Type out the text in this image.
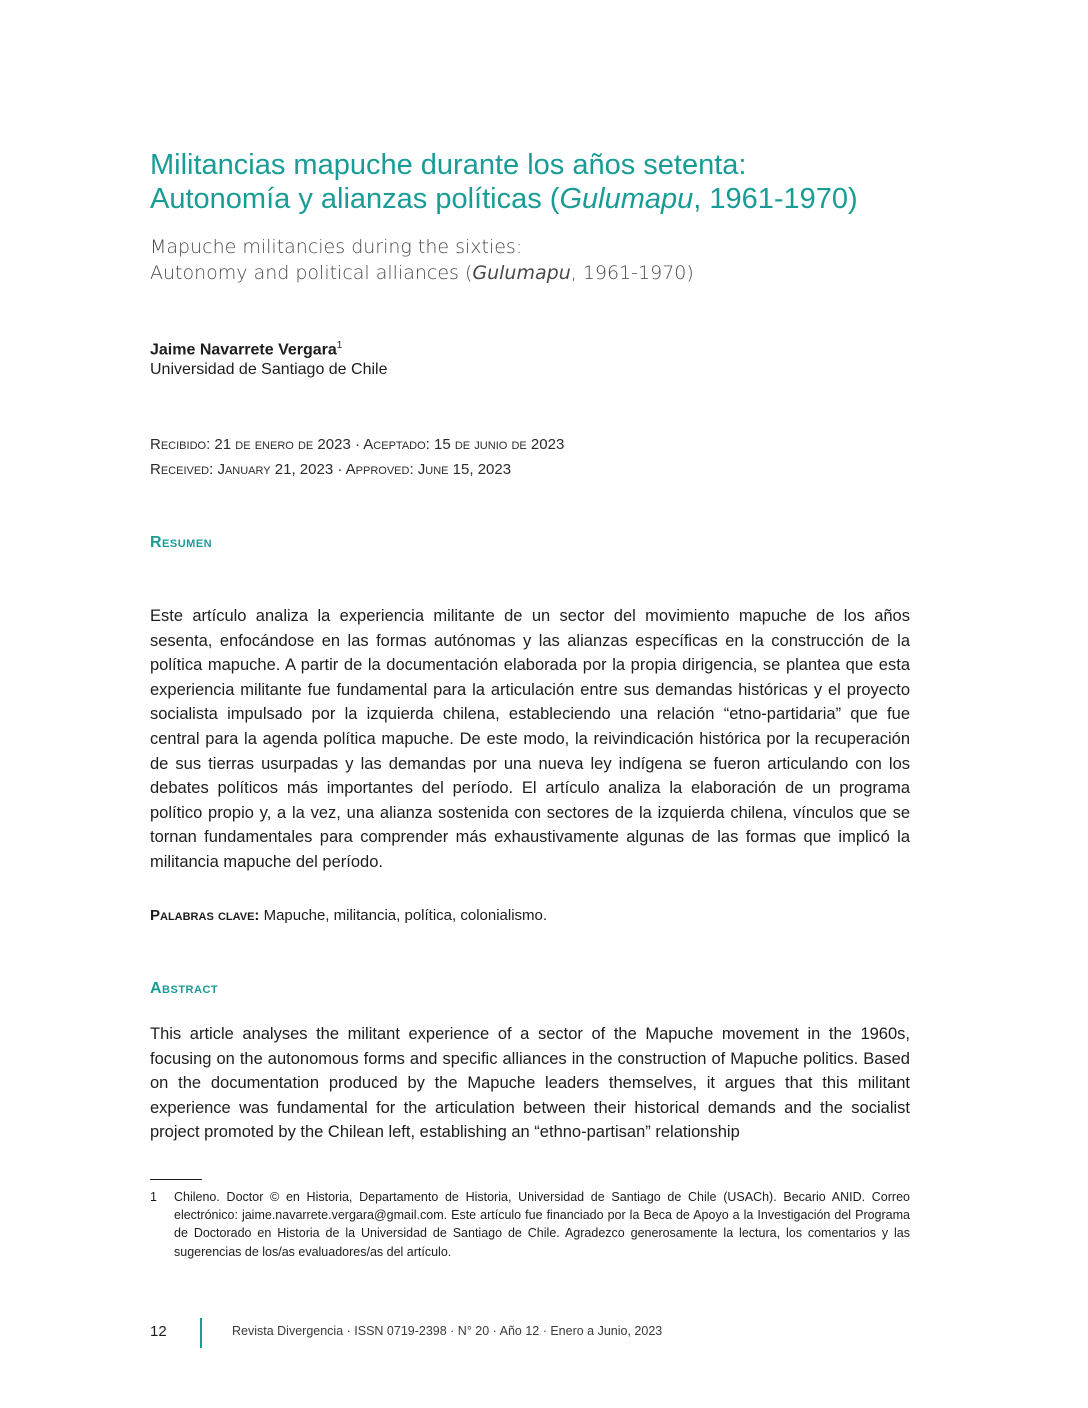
Militancias mapuche durante los años setenta:
Autonomía y alianzas políticas (Gulumapu, 1961-1970)
Mapuche militancies during the sixties:
Autonomy and political alliances (Gulumapu, 1961-1970)
Jaime Navarrete Vergara$^1$
Universidad de Santiago de Chile
Recibido: 21 de enero de 2023 · Aceptado: 15 de junio de 2023
Received: January 21, 2023 · Approved: June 15, 2023
Resumen

Este artículo analiza la experiencia militante de un sector del movimiento mapuche de los años sesenta, enfocándose en las formas autónomas y las alianzas específicas en la construcción de la política mapuche. A partir de la documentación elaborada por la propia dirigencia, se plantea que esta experiencia militante fue fundamental para la articulación entre sus demandas históricas y el proyecto socialista impulsado por la izquierda chilena, estableciendo una relación “etno-partidaria” que fue central para la agenda política mapuche. De este modo, la reivindicación histórica por la recuperación de sus tierras usurpadas y las demandas por una nueva ley indígena se fueron articulando con los debates políticos más importantes del período. El artículo analiza la elaboración de un programa político propio y, a la vez, una alianza sostenida con sectores de la izquierda chilena, vínculos que se tornan fundamentales para comprender más exhaustivamente algunas de las formas que implicó la militancia mapuche del período.

Palabras clave: Mapuche, militancia, política, colonialismo.
Abstract

This article analyses the militant experience of a sector of the Mapuche movement in the 1960s, focusing on the autonomous forms and specific alliances in the construction of Mapuche politics. Based on the documentation produced by the Mapuche leaders themselves, it argues that this militant experience was fundamental for the articulation between their historical demands and the socialist project promoted by the Chilean left, establishing an “ethno-partisan” relationship

1	Chileno. Doctor © en Historia, Departamento de Historia, Universidad de Santiago de Chile (USACh). Becario ANID. Correo electrónico: jaime.navarrete.vergara@gmail.com. Este artículo fue financiado por la Beca de Apoyo a la Investigación del Programa de Doctorado en Historia de la Universidad de Santiago de Chile. Agradezco generosamente la lectura, los comentarios y las sugerencias de los/as evaluadores/as del artículo.
12	Revista Divergencia · ISSN 0719-2398 · N° 20 · Año 12 · Enero a Junio, 2023
